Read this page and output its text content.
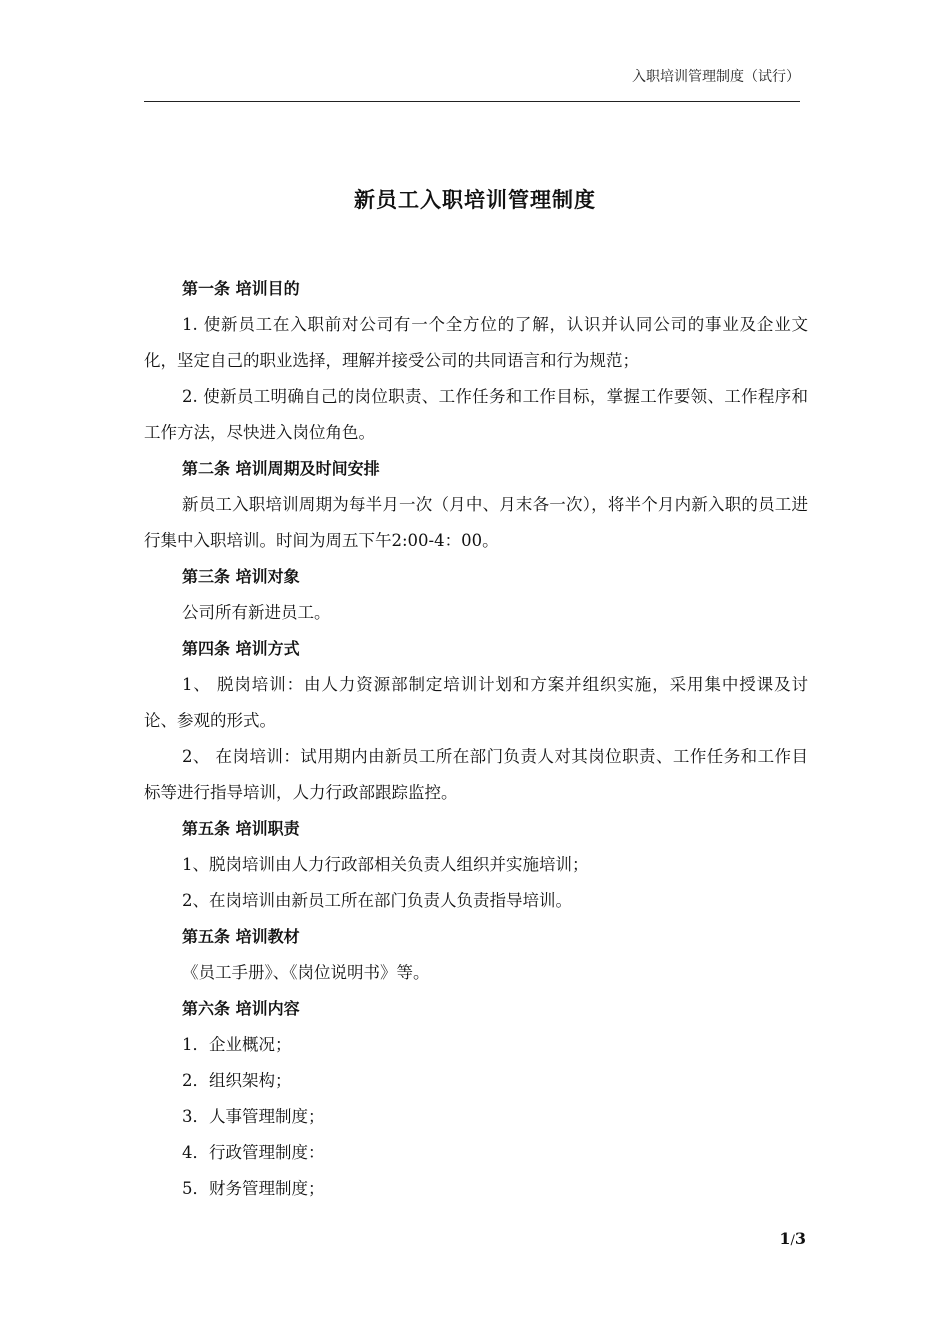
入职培训管理制度（试行）
新员工入职培训管理制度
第一条 培训目的
1. 使新员工在入职前对公司有一个全方位的了解，认识并认同公司的事业及企业文化，坚定自己的职业选择，理解并接受公司的共同语言和行为规范；
2. 使新员工明确自己的岗位职责、工作任务和工作目标，掌握工作要领、工作程序和工作方法，尽快进入岗位角色。
第二条 培训周期及时间安排
新员工入职培训周期为每半月一次（月中、月末各一次），将半个月内新入职的员工进行集中入职培训。时间为周五下午2:00-4：00。
第三条 培训对象
公司所有新进员工。
第四条 培训方式
1、 脱岗培训：由人力资源部制定培训计划和方案并组织实施，采用集中授课及讨论、参观的形式。
2、 在岗培训：试用期内由新员工所在部门负责人对其岗位职责、工作任务和工作目标等进行指导培训，人力行政部跟踪监控。
第五条 培训职责
1、脱岗培训由人力行政部相关负责人组织并实施培训；
2、在岗培训由新员工所在部门负责人负责指导培训。
第五条 培训教材
《员工手册》、《岗位说明书》等。
第六条 培训内容
1．企业概况；
2．组织架构；
3．人事管理制度；
4．行政管理制度：
5．财务管理制度；
1/3
